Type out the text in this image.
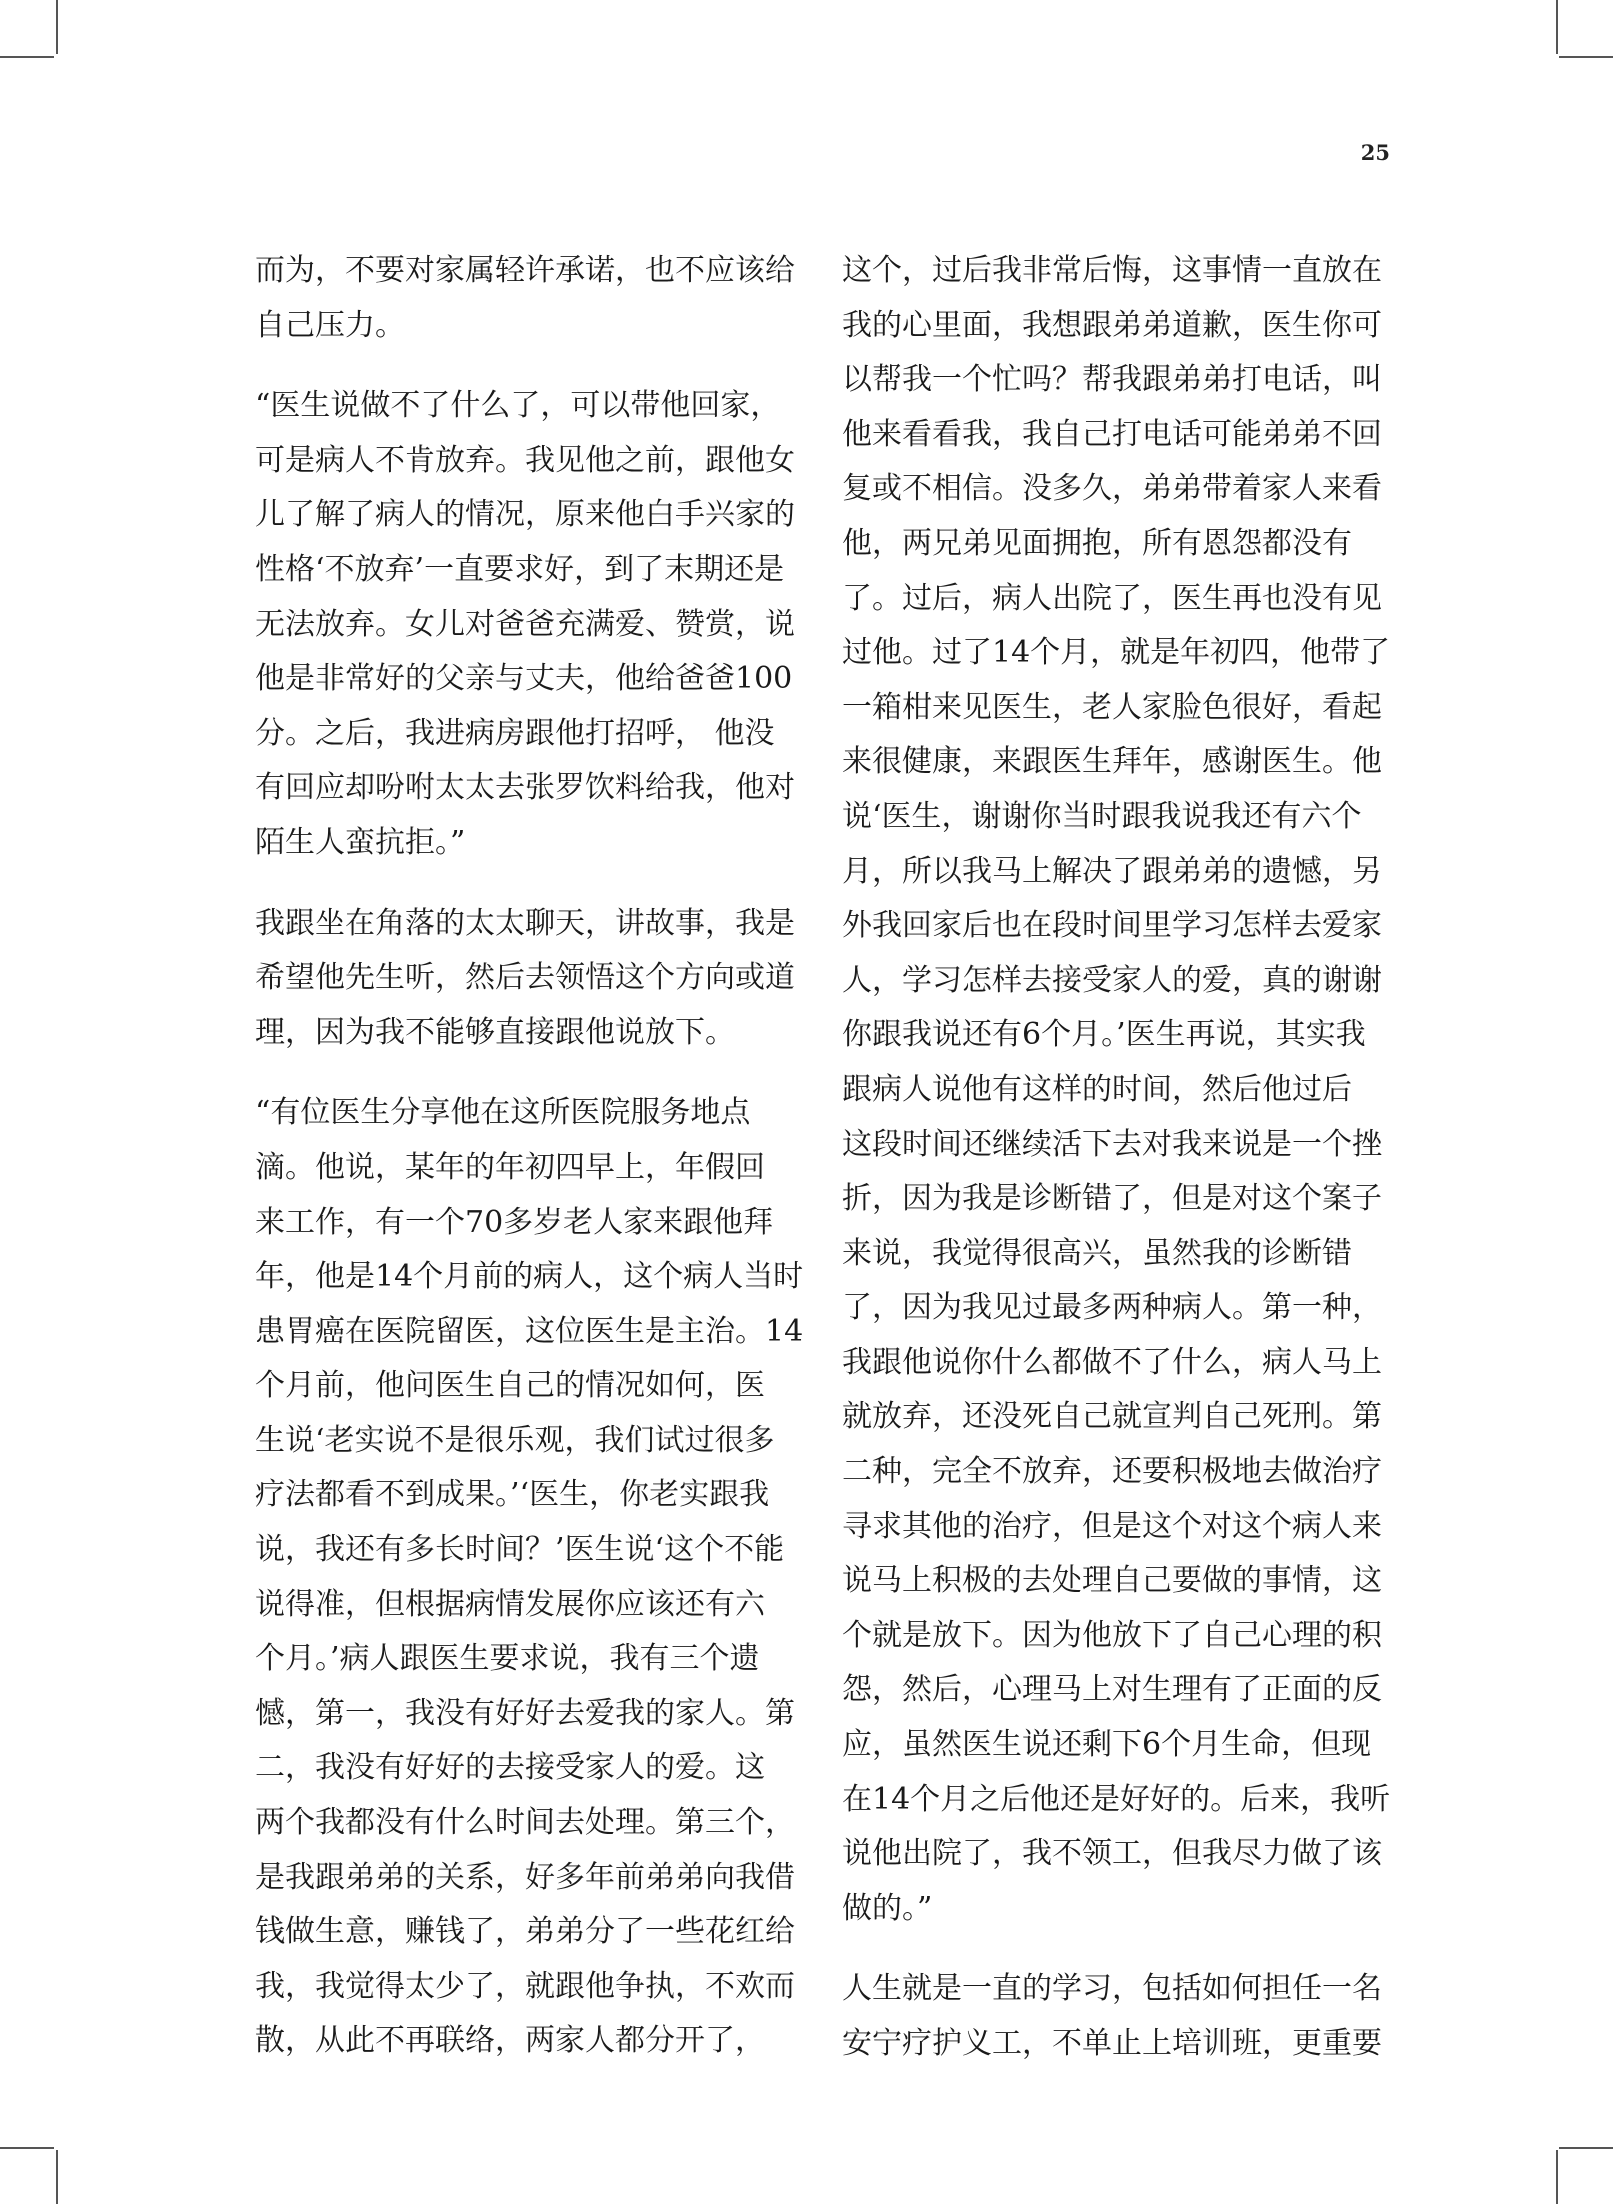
25

而为，不要对家属轻许承诺，也不应该给
自己压力。

“医生说做不了什么了，可以带他回家，
可是病人不肯放弃。我见他之前，跟他女
儿了解了病人的情况，原来他白手兴家的
性格‘不放弃’一直要求好，到了末期还是
无法放弃。女儿对爸爸充满爱、赞赏，说
他是非常好的父亲与丈夫，他给爸爸100
分。之后，我进病房跟他打招呼， 他没
有回应却吩咐太太去张罗饮料给我，他对
陌生人蛮抗拒。”

我跟坐在角落的太太聊天，讲故事，我是
希望他先生听，然后去领悟这个方向或道
理，因为我不能够直接跟他说放下。

“有位医生分享他在这所医院服务地点
滴。他说，某年的年初四早上，年假回
来工作，有一个70多岁老人家来跟他拜
年，他是14个月前的病人，这个病人当时
患胃癌在医院留医，这位医生是主治。14
个月前，他问医生自己的情况如何，医
生说‘老实说不是很乐观，我们试过很多
疗法都看不到成果。’‘医生，你老实跟我
说，我还有多长时间？’医生说‘这个不能
说得准，但根据病情发展你应该还有六
个月。’病人跟医生要求说，我有三个遗
憾，第一，我没有好好去爱我的家人。第
二，我没有好好的去接受家人的爱。这
两个我都没有什么时间去处理。第三个，
是我跟弟弟的关系，好多年前弟弟向我借
钱做生意，赚钱了，弟弟分了一些花红给
我，我觉得太少了，就跟他争执，不欢而
散，从此不再联络，两家人都分开了，

这个，过后我非常后悔，这事情一直放在
我的心里面，我想跟弟弟道歉，医生你可
以帮我一个忙吗？帮我跟弟弟打电话，叫
他来看看我，我自己打电话可能弟弟不回
复或不相信。没多久，弟弟带着家人来看
他，两兄弟见面拥抱，所有恩怨都没有
了。过后，病人出院了，医生再也没有见
过他。过了14个月，就是年初四，他带了
一箱柑来见医生，老人家脸色很好，看起
来很健康，来跟医生拜年，感谢医生。他
说‘医生，谢谢你当时跟我说我还有六个
月，所以我马上解决了跟弟弟的遗憾，另
外我回家后也在段时间里学习怎样去爱家
人，学习怎样去接受家人的爱，真的谢谢
你跟我说还有6个月。’医生再说，其实我
跟病人说他有这样的时间，然后他过后
这段时间还继续活下去对我来说是一个挫
折，因为我是诊断错了，但是对这个案子
来说，我觉得很高兴，虽然我的诊断错
了，因为我见过最多两种病人。第一种，
我跟他说你什么都做不了什么，病人马上
就放弃，还没死自己就宣判自己死刑。第
二种，完全不放弃，还要积极地去做治疗
寻求其他的治疗，但是这个对这个病人来
说马上积极的去处理自己要做的事情，这
个就是放下。因为他放下了自己心理的积
怨，然后，心理马上对生理有了正面的反
应，虽然医生说还剩下6个月生命，但现
在14个月之后他还是好好的。后来，我听
说他出院了，我不领工，但我尽力做了该
做的。”

人生就是一直的学习，包括如何担任一名
安宁疗护义工，不单止上培训班，更重要
